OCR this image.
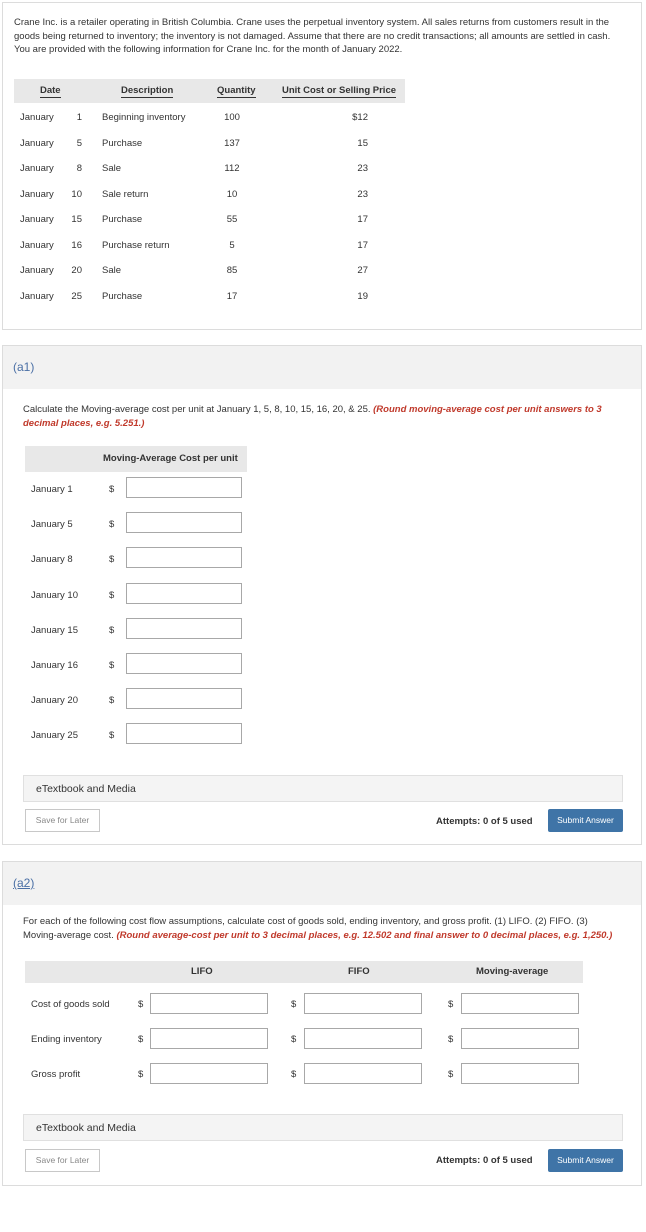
Crane Inc. is a retailer operating in British Columbia. Crane uses the perpetual inventory system. All sales returns from customers result in the goods being returned to inventory; the inventory is not damaged. Assume that there are no credit transactions; all amounts are settled in cash. You are provided with the following information for Crane Inc. for the month of January 2022.
Date	Description	Quantity	Unit Cost or Selling Price
January	1 Beginning inventory	100	$12
January	5 Purchase	137	15
January	8 Sale	112	23
January	10 Sale return	10	23
January	15 Purchase	55	17
January	16 Purchase return	5	17
January	20 Sale	85	27
January	25 Purchase	17	19
(a1)
Calculate the Moving-average cost per unit at January 1, 5, 8, 10, 15, 16, 20, & 25. (Round moving-average cost per unit answers to 3 decimal places, e.g. 5.251.)
Moving-Average Cost per unit
January 1	$
January 5	$
January 8	$
January 10	$
January 15	$
January 16	$
January 20	$
January 25	$
eTextbook and Media
Save for Later	Attempts: 0 of 5 used	Submit Answer
(a2)
For each of the following cost flow assumptions, calculate cost of goods sold, ending inventory, and gross profit. (1) LIFO. (2) FIFO. (3) Moving-average cost. (Round average-cost per unit to 3 decimal places, e.g. 12.502 and final answer to 0 decimal places, e.g. 1,250.)
LIFO	FIFO	Moving-average
Cost of goods sold	$	$	$
Ending inventory	$	$	$
Gross profit	$	$	$
eTextbook and Media
Save for Later	Attempts: 0 of 5 used	Submit Answer
